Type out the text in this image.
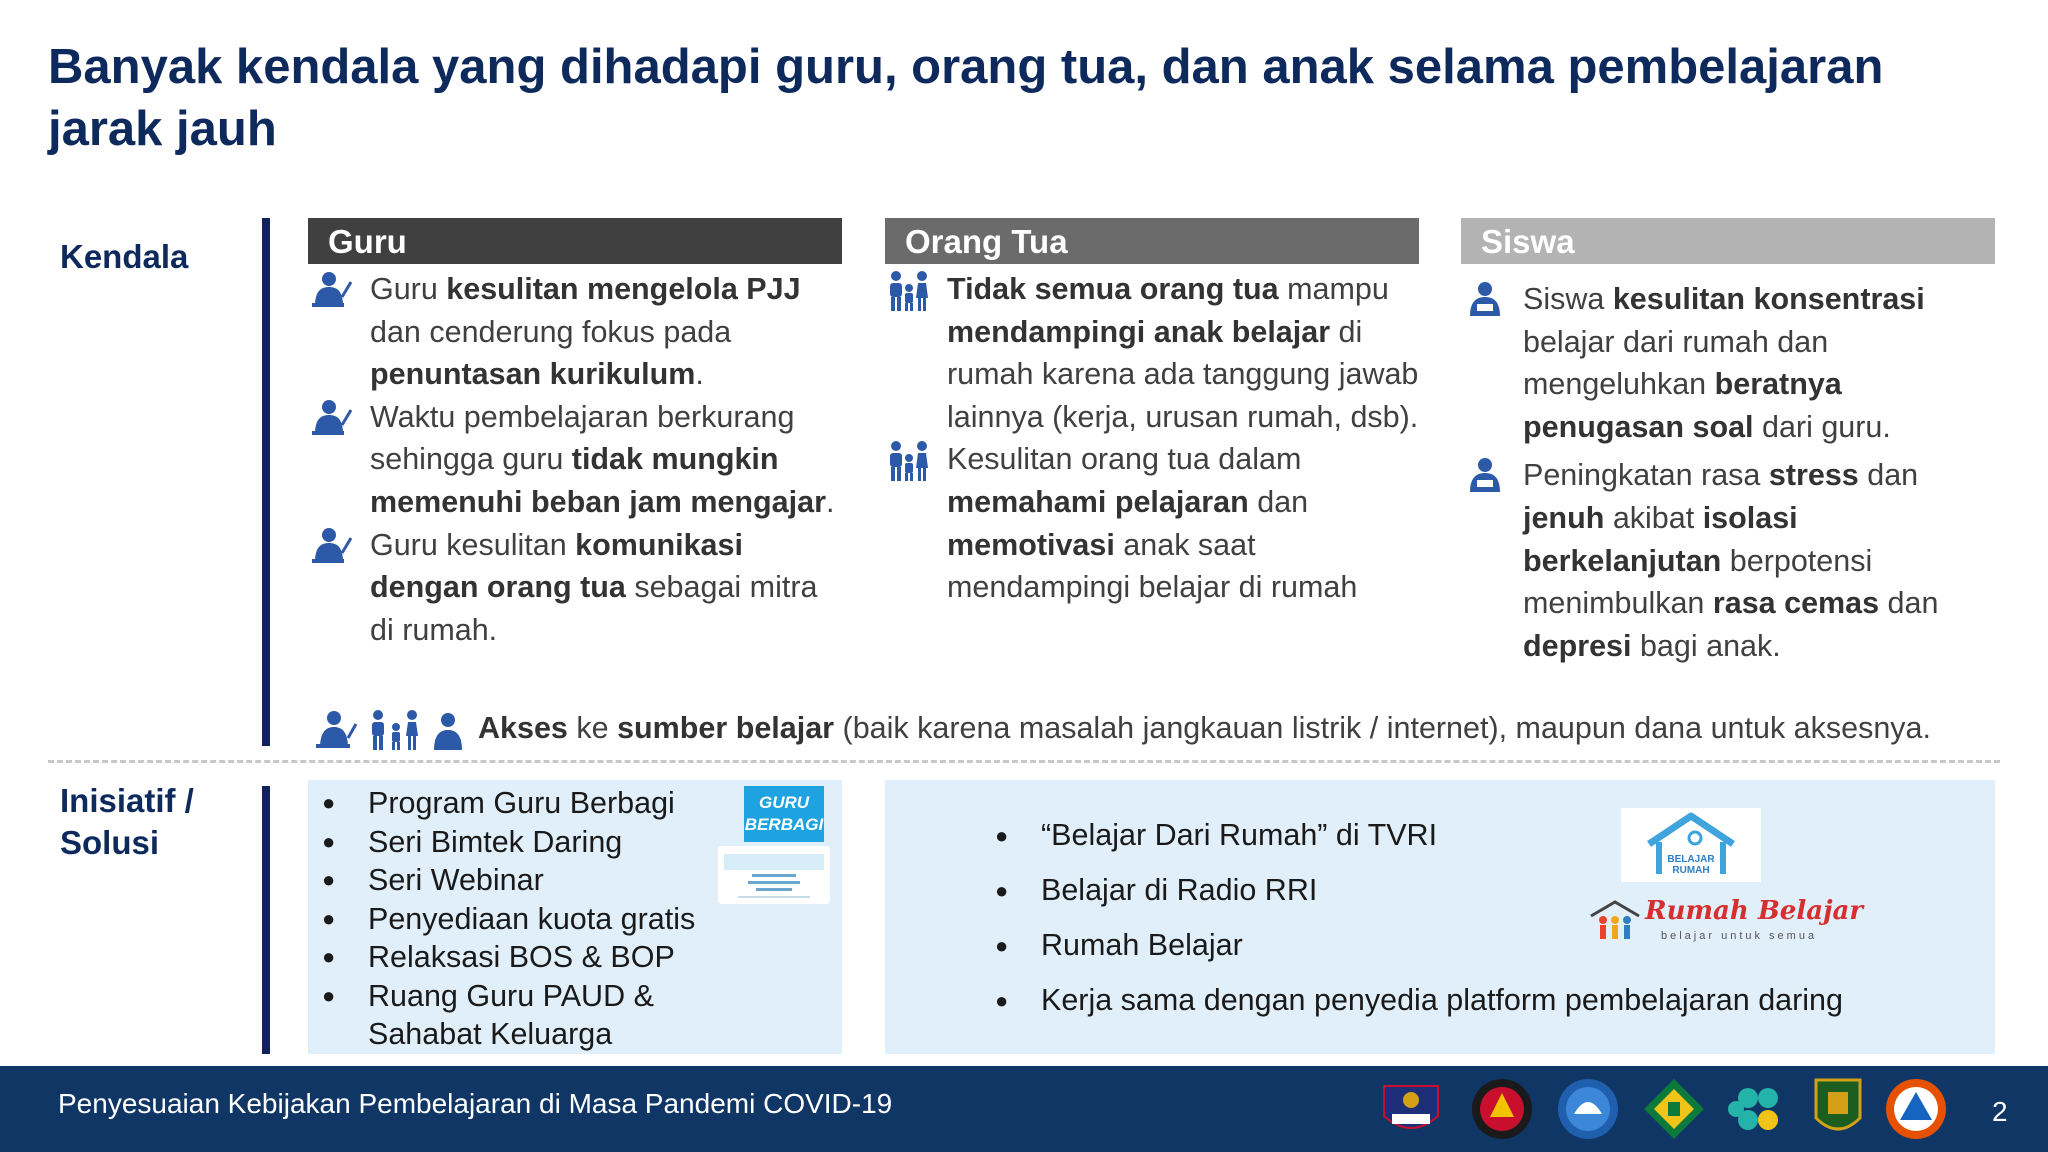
Banyak kendala yang dihadapi guru, orang tua, dan anak selama pembelajaran jarak jauh
Kendala	Guru	Orang Tua	Siswa
Guru kesulitan mengelola PJJ dan cenderung fokus pada penuntasan kurikulum.
Waktu pembelajaran berkurang sehingga guru tidak mungkin memenuhi beban jam mengajar.
Guru kesulitan komunikasi dengan orang tua sebagai mitra di rumah.
Tidak semua orang tua mampu mendampingi anak belajar di rumah karena ada tanggung jawab lainnya (kerja, urusan rumah, dsb).
Kesulitan orang tua dalam memahami pelajaran dan memotivasi anak saat mendampingi belajar di rumah
Siswa kesulitan konsentrasi belajar dari rumah dan mengeluhkan beratnya penugasan soal dari guru.
Peningkatan rasa stress dan jenuh akibat isolasi berkelanjutan berpotensi menimbulkan rasa cemas dan depresi bagi anak.
Akses ke sumber belajar (baik karena masalah jangkauan listrik / internet), maupun dana untuk aksesnya.
Inisiatif /
Solusi
● Program Guru Berbagi
● Seri Bimtek Daring
● Seri Webinar
● Penyediaan kuota gratis
● Relaksasi BOS & BOP
● Ruang Guru PAUD & Sahabat Keluarga
GURU
BERBAGI
●	“Belajar Dari Rumah” di TVRI
● Belajar di Radio RRI
● Rumah Belajar
● Kerja sama dengan penyedia platform pembelajaran daring
BELAJAR
RUMAH
Rumah Belajar
belajar untuk semua
Penyesuaian Kebijakan Pembelajaran di Masa Pandemi COVID-19	2
